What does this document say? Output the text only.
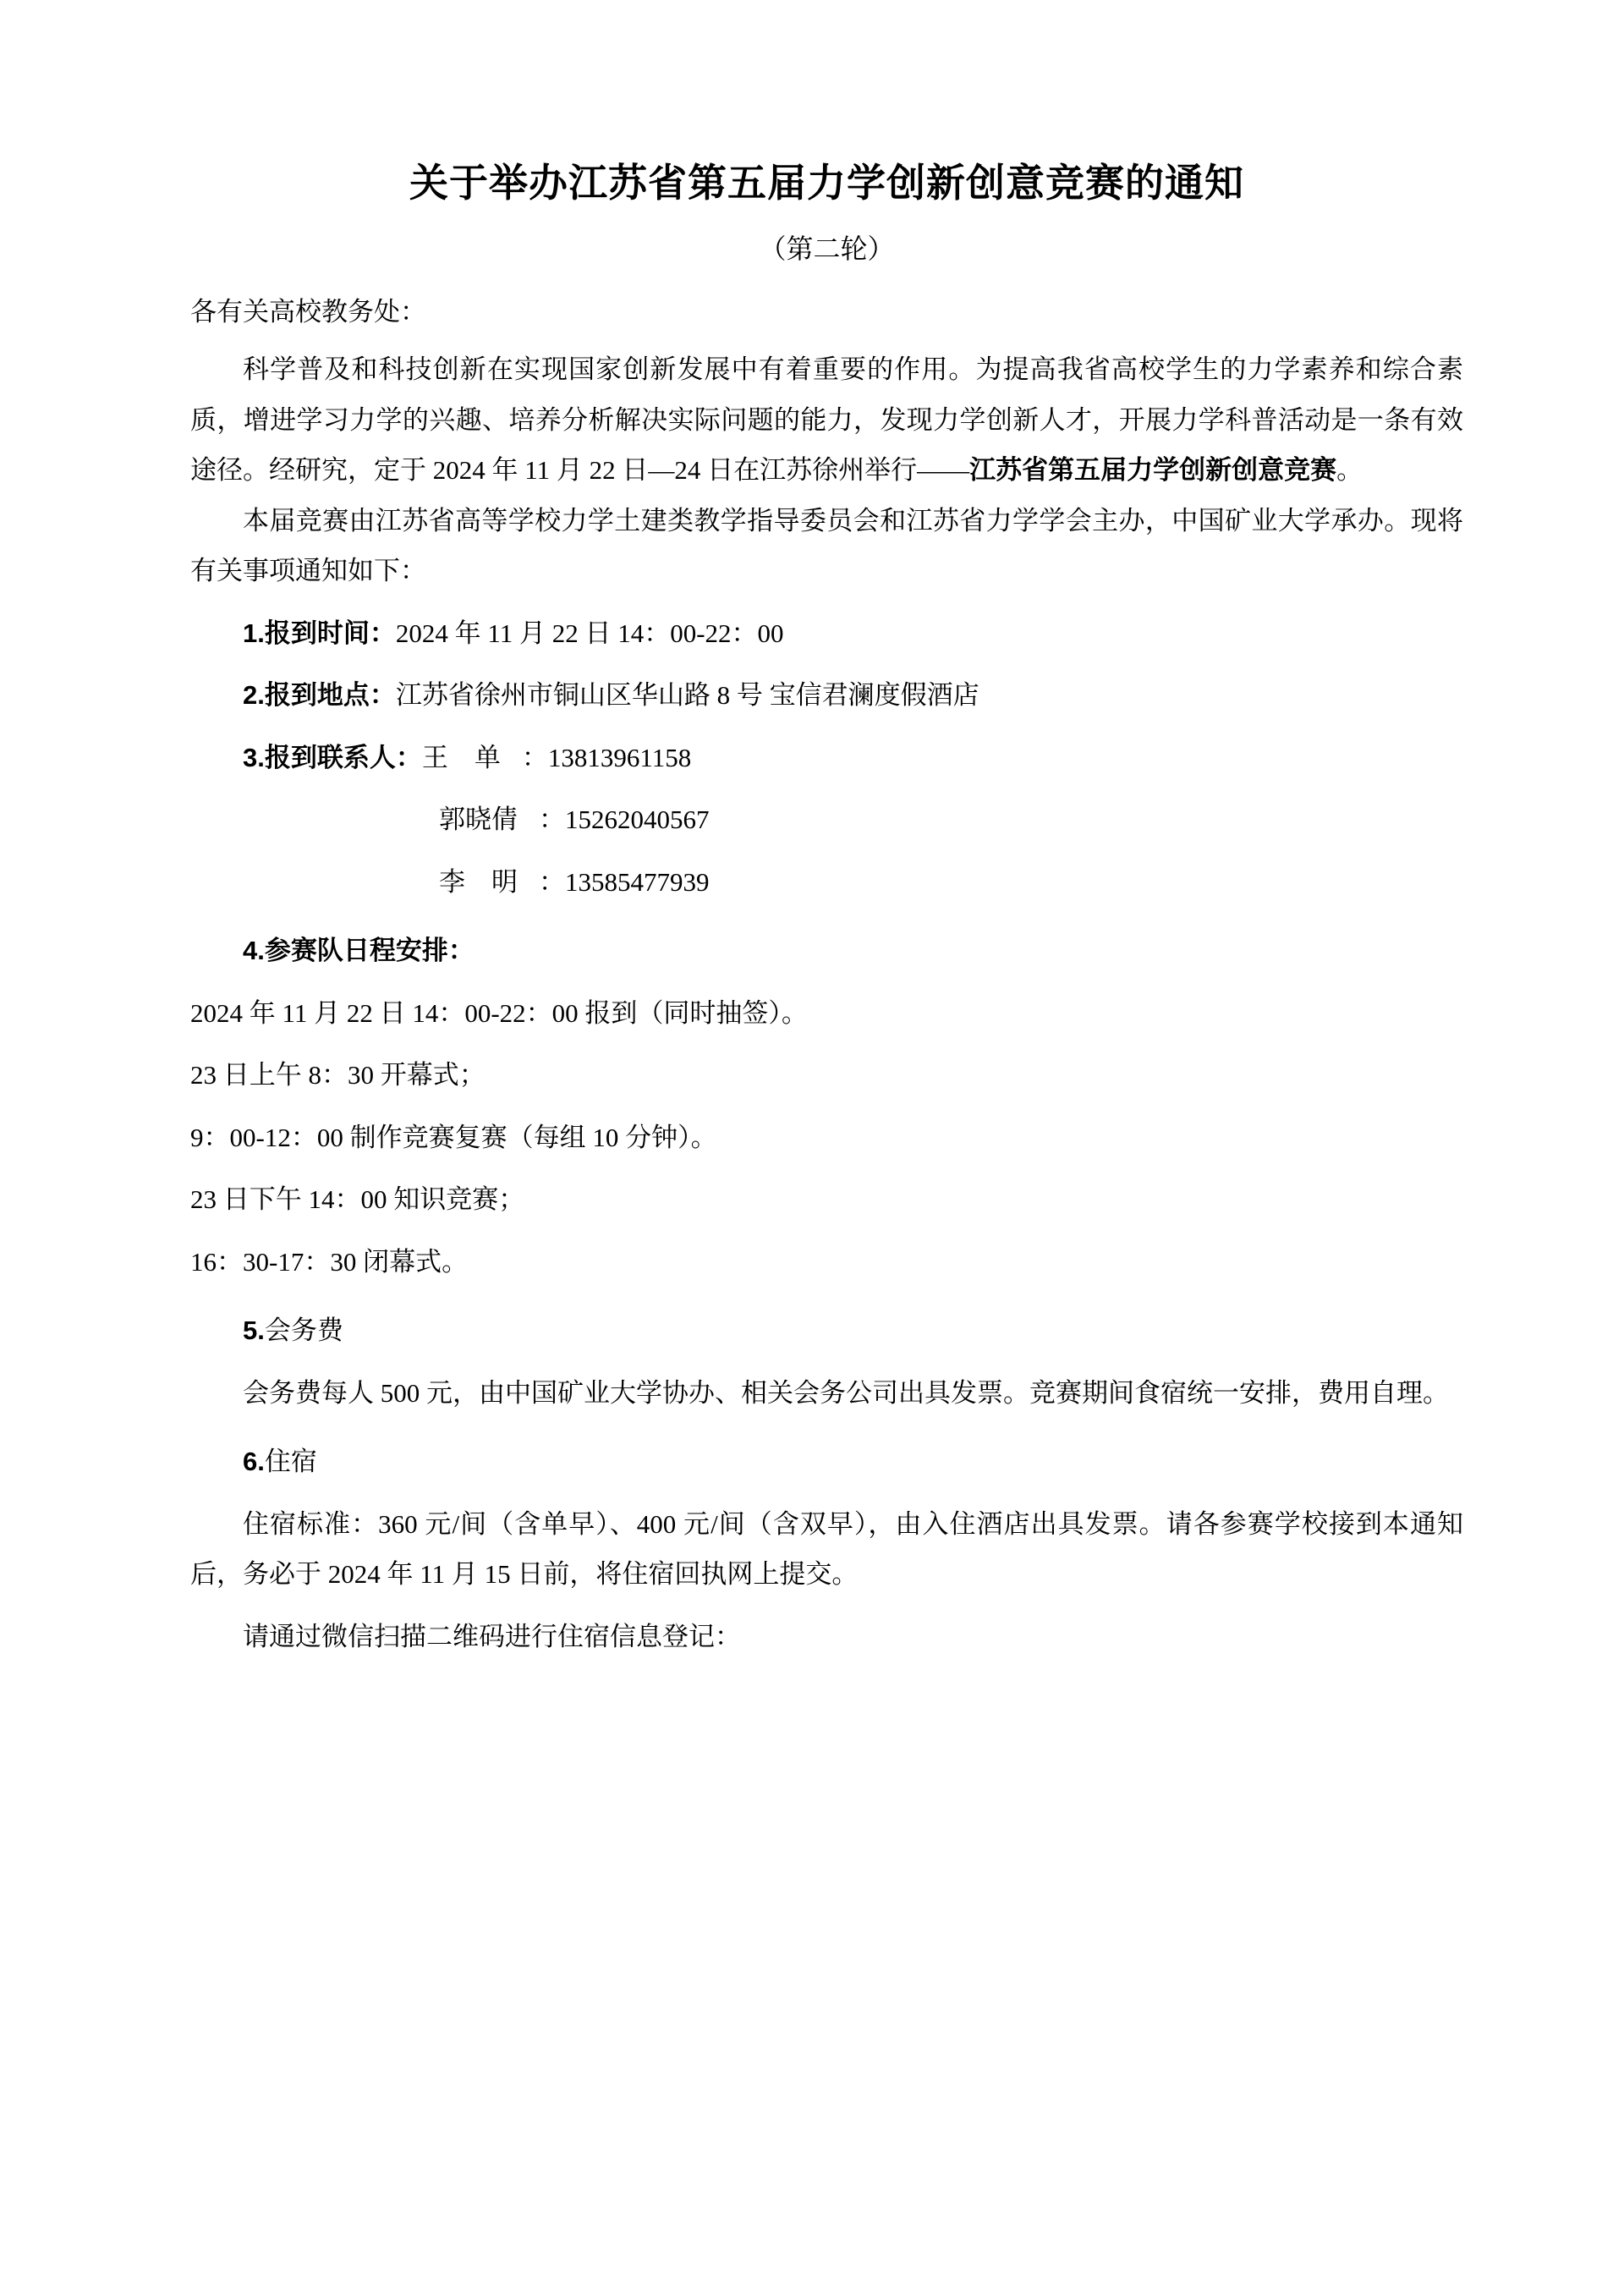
关于举办江苏省第五届力学创新创意竞赛的通知
（第二轮）
各有关高校教务处：

科学普及和科技创新在实现国家创新发展中有着重要的作用。为提高我省高校学生的力学素养和综合素质，增进学习力学的兴趣、培养分析解决实际问题的能力，发现力学创新人才，开展力学科普活动是一条有效途径。经研究，定于 2024 年 11 月 22 日—24 日在江苏徐州举行——江苏省第五届力学创新创意竞赛。

本届竞赛由江苏省高等学校力学土建类教学指导委员会和江苏省力学学会主办，中国矿业大学承办。现将有关事项通知如下：

1.报到时间：2024 年 11 月 22 日 14：00-22：00
2.报到地点：江苏省徐州市铜山区华山路 8 号 宝信君澜度假酒店
3.报到联系人：王　单 ：13813961158
郭晓倩 ：15262040567
李　明 ：13585477939
4.参赛队日程安排：
2024 年 11 月 22 日 14：00-22：00 报到（同时抽签）。
23 日上午 8：30 开幕式；
9：00-12：00 制作竞赛复赛（每组 10 分钟）。
23 日下午 14：00 知识竞赛；
16：30-17：30 闭幕式。
5.会务费

会务费每人 500 元，由中国矿业大学协办、相关会务公司出具发票。竞赛期间食宿统一安排，费用自理。

6.住宿

住宿标准：360 元/间（含单早）、400 元/间（含双早），由入住酒店出具发票。请各参赛学校接到本通知后，务必于 2024 年 11 月 15 日前，将住宿回执网上提交。

请通过微信扫描二维码进行住宿信息登记：
